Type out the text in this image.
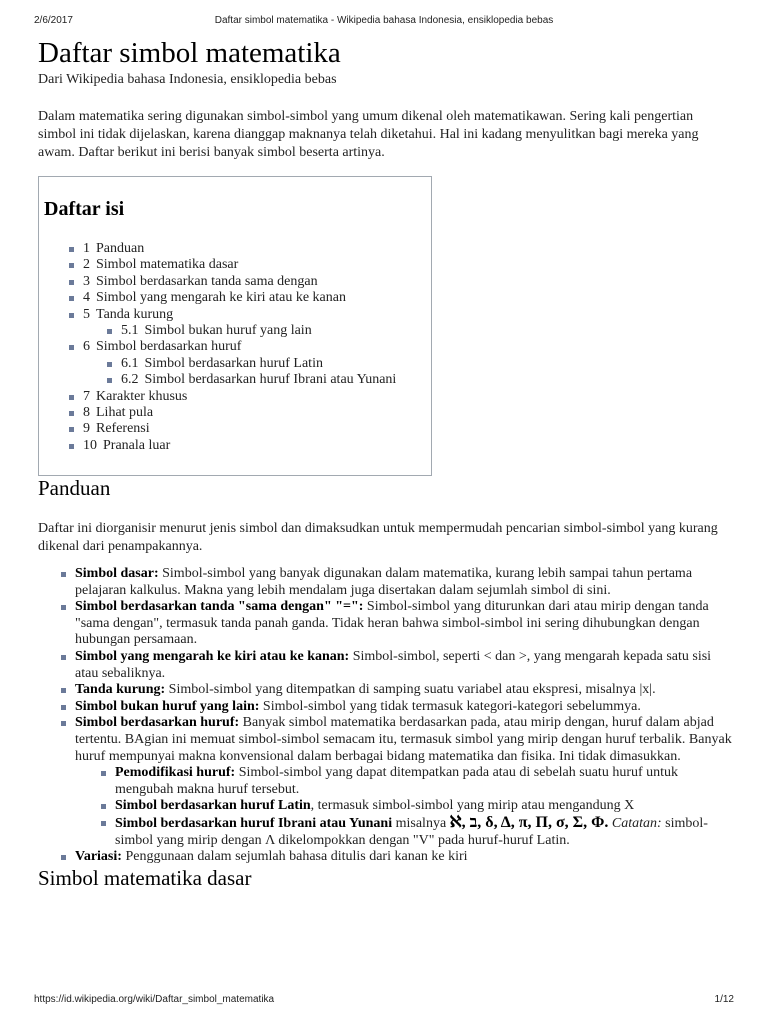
2/6/2017	Daftar simbol matematika - Wikipedia bahasa Indonesia, ensiklopedia bebas
Daftar simbol matematika
Dari Wikipedia bahasa Indonesia, ensiklopedia bebas

Dalam matematika sering digunakan simbol-simbol yang umum dikenal oleh matematikawan. Sering kali pengertian simbol ini tidak dijelaskan, karena dianggap maknanya telah diketahui. Hal ini kadang menyulitkan bagi mereka yang awam. Daftar berikut ini berisi banyak simbol beserta artinya.

Daftar isi
1 Panduan
2 Simbol matematika dasar
3 Simbol berdasarkan tanda sama dengan
4 Simbol yang mengarah ke kiri atau ke kanan
5 Tanda kurung
5.1 Simbol bukan huruf yang lain
6 Simbol berdasarkan huruf
6.1 Simbol berdasarkan huruf Latin
6.2 Simbol berdasarkan huruf Ibrani atau Yunani
7 Karakter khusus
8 Lihat pula
9 Referensi
10 Pranala luar
Panduan

Daftar ini diorganisir menurut jenis simbol dan dimaksudkan untuk mempermudah pencarian simbol-simbol yang kurang dikenal dari penampakannya.

Simbol dasar: Simbol-simbol yang banyak digunakan dalam matematika, kurang lebih sampai tahun pertama pelajaran kalkulus. Makna yang lebih mendalam juga disertakan dalam sejumlah simbol di sini.
Simbol berdasarkan tanda "sama dengan" "=": Simbol-simbol yang diturunkan dari atau mirip dengan tanda "sama dengan", termasuk tanda panah ganda. Tidak heran bahwa simbol-simbol ini sering dihubungkan dengan hubungan persamaan.
Simbol yang mengarah ke kiri atau ke kanan: Simbol-simbol, seperti < dan >, yang mengarah kepada satu sisi atau sebaliknya.
Tanda kurung: Simbol-simbol yang ditempatkan di samping suatu variabel atau ekspresi, misalnya |x|.
Simbol bukan huruf yang lain: Simbol-simbol yang tidak termasuk kategori-kategori sebelummya.
Simbol berdasarkan huruf: Banyak simbol matematika berdasarkan pada, atau mirip dengan, huruf dalam abjad tertentu. BAgian ini memuat simbol-simbol semacam itu, termasuk simbol yang mirip dengan huruf terbalik. Banyak huruf mempunyai makna konvensional dalam berbagai bidang matematika dan fisika. Ini tidak dimasukkan.
Pemodifikasi huruf: Simbol-simbol yang dapat ditempatkan pada atau di sebelah suatu huruf untuk mengubah makna huruf tersebut.
Simbol berdasarkan huruf Latin, termasuk simbol-simbol yang mirip atau mengandung X
Simbol berdasarkan huruf Ibrani atau Yunani misalnya ℵ, ב, δ, Δ, π, Π, σ, Σ, Φ. Catatan: simbol-simbol yang mirip dengan Λ dikelompokkan dengan "V" pada huruf-huruf Latin.
Variasi: Penggunaan dalam sejumlah bahasa ditulis dari kanan ke kiri
Simbol matematika dasar
https://id.wikipedia.org/wiki/Daftar_simbol_matematika	1/12
